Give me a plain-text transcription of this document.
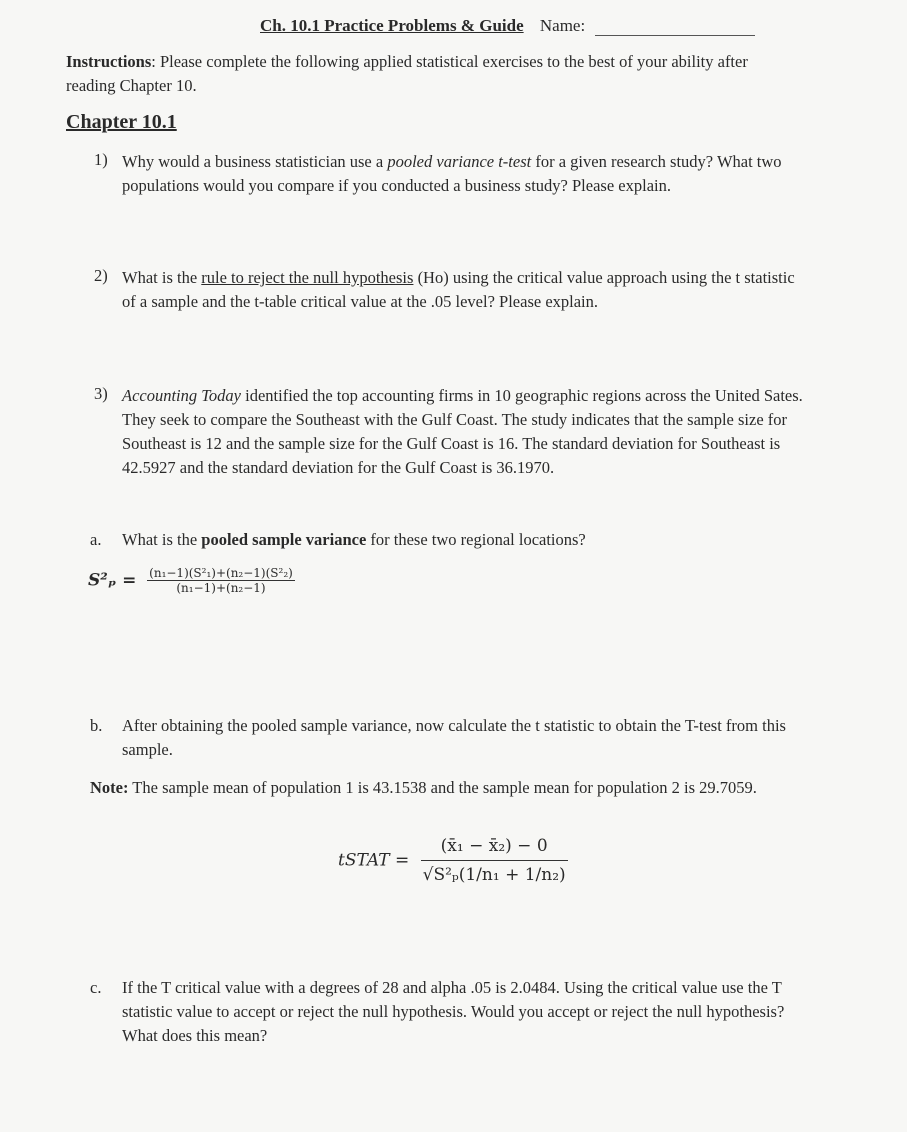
Ch. 10.1 Practice Problems & Guide Name:
Instructions: Please complete the following applied statistical exercises to the best of your ability after reading Chapter 10.
Chapter 10.1
1) Why would a business statistician use a pooled variance t-test for a given research study? What two populations would you compare if you conducted a business study? Please explain.
2) What is the rule to reject the null hypothesis (Ho) using the critical value approach using the t statistic of a sample and the t-table critical value at the .05 level? Please explain.
3) Accounting Today identified the top accounting firms in 10 geographic regions across the United Sates. They seek to compare the Southeast with the Gulf Coast. The study indicates that the sample size for Southeast is 12 and the sample size for the Gulf Coast is 16. The standard deviation for Southeast is 42.5927 and the standard deviation for the Gulf Coast is 36.1970.
a. What is the pooled sample variance for these two regional locations?
$S^2_p = \frac{\text{(n₁−1)(S²₁)+(n₂−1)(S²₂)}}{\text{(n₁−1)+(n₂−1)}}$
b. After obtaining the pooled sample variance, now calculate the t statistic to obtain the T-test from this sample.
Note: The sample mean of population 1 is 43.1538 and the sample mean for population 2 is 29.7059.
tSTAT = $\frac{\text{(x̄₁ − x̄₂) − 0}}{\text{√S²ₚ(1/n₁ + 1/n₂)}}$
c. If the T critical value with a degrees of 28 and alpha .05 is 2.0484. Using the critical value use the T statistic value to accept or reject the null hypothesis. Would you accept or reject the null hypothesis? What does this mean?
